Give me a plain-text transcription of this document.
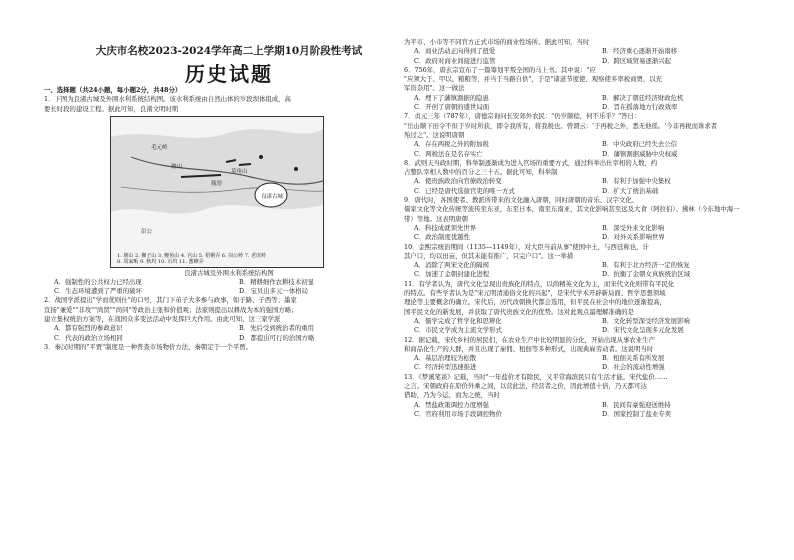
大庆市名校2023-2024学年高二上学期10月阶段性考试
历史试题

一、选择题（共24小题，每小题2分，共48分）

1．下图为良渚古城及外围水利系统结构图。该水利系统由自然山体的岁段坝体组成，高

要长时段的建设工程。据此可知，良渚文明时期

良渚古城
瓶窑
莫角山
塘山
彭公
毛元岭
1. 塘山 2. 狮子山 3. 鲤鱼山 4. 官山 5. 梧桐弄 6. 岗公岭 7. 老虎岭
8. 周家畈 9. 秋坞 10. 石坞 11. 蜜蜂弄
良渚古城及外围水利系统结构图
A．强制性的公共权力已经出现	B．精耕细作农耕技术初显
C．生态环境遭到了严重的破坏	D．宝贝出多元一体格局

2．战国学派提出"学而优则仕"的口号，其门下弟子大多参与政事，如子路、子西等；墨家

宣扬"兼爱""非攻""尚贤""尚同"等政治主张和价值观；法家则提出以耕战为本的强国方略；

建立集权统治方案等，在战国众多变法活动中发挥巨大作用。由此可知，这三家学派

A．都有强烈的参政意识	B．先后受到统治者的重用
C．代表的政治立场相同	D．都提出可行的治国方略

3．秦汉时期的"平贾"制度是一种普查市场物价方法，秦朝定于一个平贾。

为平市、小市等不同官方正式市场的商业性场所。据此可知，当时

A．商业活动正向得到了扭爱	B．经济重心逐渐开始南移
C．政府对商业间接进行监管	D．跨区域贸易逐渐兴起

6．756年，唐玄宗宣布了一篇筹划平叛全国的马上书。其中说："应

"应须大于、甲以、粮粮等，并当于当路自供"，于是"诸道节度使、观察使多率税商贾，以充

军资杂用"。这一做法

A．埋下了藩镇割据的隐患	B．解决了朝廷经济财政危机
C．开创了唐朝的盛世局面	D．旨在摇落地方行政效率

7．贞元三年（787年），唐德宗询问长安郊外农民："仍岁颇稔，何不乐乎？"答曰：

"岳山顺下田令不但于岁时所获，即令我所有，将我税也。曾谓云：'于再税之外，悉无他徭。'今非再税而诛求者

殆过之"。这说明唐朝

A．存在两税之外的附加税	B．中央政府已经失去公信
C．两税法在是名存实亡	D．藩镇割据威胁中央权威

8．武则天当政时期，科举制逐渐成为进入官场的重要方式，通过科举出仕宰相的人数，约

占整队宰相人数中的百分之三十五。据此可知，科举制

A．使贵族政治向官僚政治转变	B．有利于加强中央集权
C．已经是唐代选拔官吏的唯一方式	D．扩大了统治基础

9．唐代时，各国使者、教派所带来的文化融入唐朝，同时唐朝的音乐、汉字文化、

儒家文化等文化传统等流传至东亚，东至日本，南至东南亚，其文化影响甚至远及大食（阿拉伯）、拂林（今东地中海一

带）等地。这表明唐朝

A．科技成就领先世界	B．深受外来文化影响
C．政治制度优越性	D．对外关系影响世界

10．金熙宗统治期间（1135—1149年），对大臣当前从事"使国中土，与西廷称也，计

其户口，均以田亩，但其未能有推广，只完户口"。这一举措

A．消除了两宋文化的隔阂	B．有利于北方经济一定的恢复
C．加速了金朝封建化进程	D．抗衡了金朝女真族统治区域

11．有学者认为，唐代文化呈现出贵族化的特点，以尚精英文化为主，而宋代文化则带有平民化

的特点。有些学者认为是"宋元明清通俗文化的兴起"，是宋代学术开辟新局面、哲学思想领域

理论等主要概念的确立。宋代后，历代改朝换代都会选用，但平民在社会中的地位逐渐提高，

国平民文化的新发展，并获取了唐代贵族文化的优势。这对此观点最理解准确的是

A．儒学完成了哲学化和思辨化	B．文化转型深受经济发展影响
C．市民文学成为主流文学形式	D．宋代文化呈现多元化发展

12．据记载，宋代乡村的居民们，在农业生产中比较明显的分化，开始出现从事农业生产

和商品化生产的人群，并且出现了雇佣、租佃等多种形式，出现典雇劳动者。这说明当时

A．基层治理较为松散	B．租佃关系有所发展
C．经济转型迅速推进	D．社会的流动性增强

13．《梦溪笔谈》记载，当时"一年盐价才有除民，又平常海滨民只有生活才能。宋代盐价……

之言。宋朝政府在原价外乘之间，以营此法，经营者之价，因此增值十倍，乃天都可达

借助，乃为今运，而为之统，当时

A．禁盐政策调控力度增强	B．民间有豪强迎送维持
C．官府利用市场手段调控物价	D．国家控制了盐业专卖
